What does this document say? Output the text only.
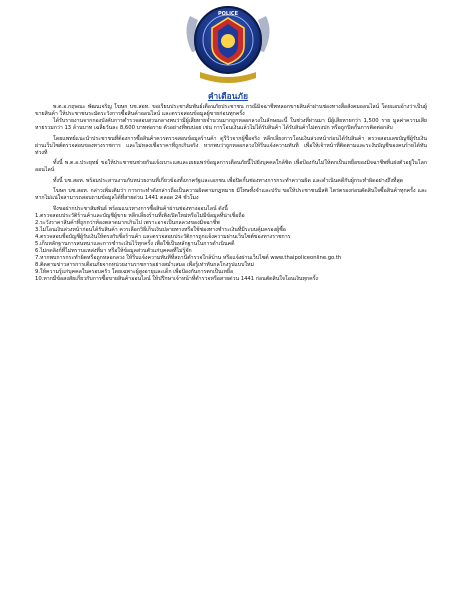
POLICE
คำเตือนภัย

พ.ต.อ.กฤษณะ พัฒนเจริญ โฆษก บช.สอท. ขอเรียนประชาสัมพันธ์เตือนภัยประชาชน กรณีมิจฉาชีพหลอกขายสินค้าผ่านช่องทางสื่อสังคมออนไลน์ โดยแอบอ้างว่าเป็นผู้ขายสินค้า ให้ประชาชนระมัดระวังการซื้อสินค้าออนไลน์ และตรวจสอบข้อมูลผู้ขายก่อนทุกครั้ง

ได้รับรายงานจากกองบังคับการตำรวจสอบสวนกลางพบว่ามีผู้เสียหายจำนวนมากถูกหลอกลวงในลักษณะนี้ ในช่วงที่ผ่านมา มีผู้เสียหายกว่า 1,500 ราย มูลค่าความเสียหายรวมกว่า 13 ล้านบาท เฉลี่ยวันละ 8,600 บาทต่อราย ตัวอย่างที่พบบ่อย เช่น การโอนเงินแล้วไม่ได้รับสินค้า ได้รับสินค้าไม่ตรงปก หรือถูกปิดกั้นการติดต่อกลับ

โดยแพทย์แนะนำประชาชนที่ต้องการซื้อสินค้าควรตรวจสอบข้อมูลร้านค้า ดูรีวิวจากผู้ซื้อจริง หลีกเลี่ยงการโอนเงินล่วงหน้าก่อนได้รับสินค้า ตรวจสอบเลขบัญชีผู้รับเงินผ่านเว็บไซต์ตรวจสอบของทางราชการ และไม่หลงเชื่อราคาที่ถูกเกินจริง หากพบว่าถูกหลอกลวงให้รีบแจ้งความทันที เพื่อให้เจ้าหน้าที่ติดตามและระงับบัญชีของคนร้ายได้ทันท่วงที

ทั้งนี้ พ.ต.อ.ประยุทธ์ ขอให้ประชาชนช่วยกันแจ้งเบาะแสและเผยแพร่ข้อมูลการเตือนภัยนี้ไปยังบุคคลใกล้ชิด เพื่อป้องกันไม่ให้ตกเป็นเหยื่อของมิจฉาชีพที่แฝงตัวอยู่ในโลกออนไลน์

ทั้งนี้ บช.สอท. พร้อมประสานงานกับหน่วยงานที่เกี่ยวข้องทั้งภาครัฐและเอกชน เพื่อปิดกั้นช่องทางการกระทำความผิด และดำเนินคดีกับผู้กระทำผิดอย่างถึงที่สุด

โฆษก บช.สอท. กล่าวเพิ่มเติมว่า การกระทำดังกล่าวถือเป็นความผิดตามกฎหมาย มีโทษทั้งจำและปรับ ขอให้ประชาชนมีสติ ไตร่ตรองก่อนตัดสินใจซื้อสินค้าทุกครั้ง และหากไม่แน่ใจสามารถสอบถามข้อมูลได้ที่สายด่วน 1441 ตลอด 24 ชั่วโมง

จึงขอฝากประชาสัมพันธ์ พร้อมแนวทางการซื้อสินค้าผ่านช่องทางออนไลน์ ดังนี้

1.ตรวจสอบประวัติร้านค้าและบัญชีผู้ขาย หลีกเลี่ยงร้านที่เพิ่งเปิดใหม่หรือไม่มีข้อมูลที่น่าเชื่อถือ

2.ระวังราคาสินค้าที่ถูกกว่าท้องตลาดมากเกินไป เพราะอาจเป็นกลลวงของมิจฉาชีพ

3.ไม่โอนเงินล่วงหน้าก่อนได้รับสินค้า ควรเลือกวิธีเก็บเงินปลายทางหรือใช้ช่องทางชำระเงินที่มีระบบคุ้มครองผู้ซื้อ

4.ตรวจสอบชื่อบัญชีผู้รับเงินให้ตรงกับชื่อร้านค้า และตรวจสอบประวัติการถูกแจ้งความผ่านเว็บไซต์ของทางราชการ

5.เก็บหลักฐานการสนทนาและการชำระเงินไว้ทุกครั้ง เพื่อใช้เป็นหลักฐานในการดำเนินคดี

6.ไม่กดลิงก์ที่ไม่ทราบแหล่งที่มา หรือให้ข้อมูลส่วนตัวแก่บุคคลที่ไม่รู้จัก

7.หากพบการกระทำผิดหรือถูกหลอกลวง ให้รีบแจ้งความทันทีที่สถานีตำรวจใกล้บ้าน หรือแจ้งผ่านเว็บไซต์ www.thaipoliceonline.go.th

8.ติดตามข่าวสารการเตือนภัยจากหน่วยงานราชการอย่างสม่ำเสมอ เพื่อรู้เท่าทันกลโกงรูปแบบใหม่

9.ให้ความรู้แก่บุคคลในครอบครัว โดยเฉพาะผู้สูงอายุและเด็ก เพื่อป้องกันการตกเป็นเหยื่อ

10.หากมีข้อสงสัยเกี่ยวกับการซื้อขายสินค้าออนไลน์ ให้ปรึกษาเจ้าหน้าที่ตำรวจหรือสายด่วน 1441 ก่อนตัดสินใจโอนเงินทุกครั้ง
